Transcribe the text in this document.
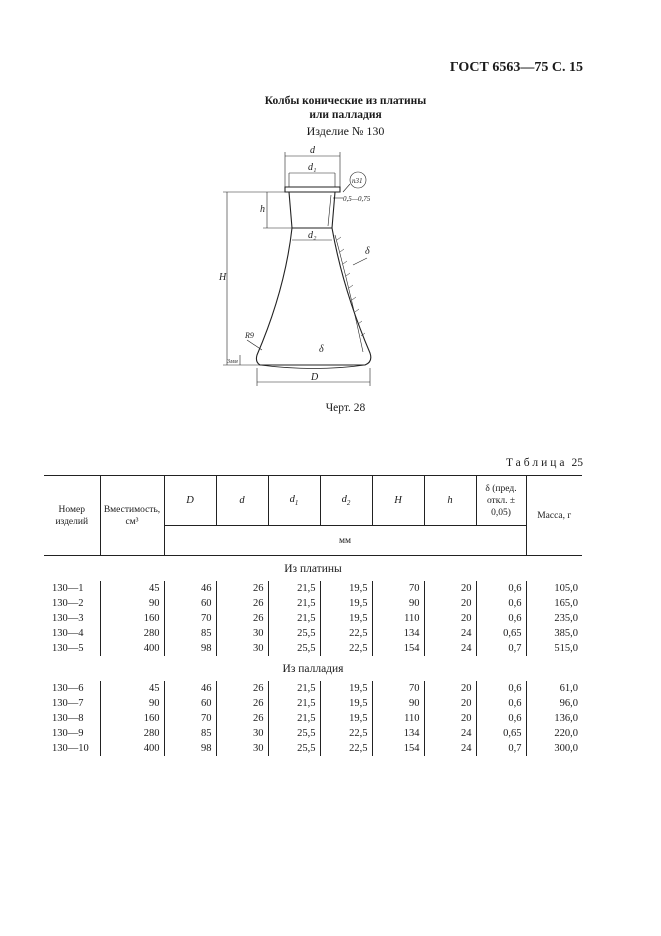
ГОСТ 6563—75 С. 15
Колбы конические из платины
или палладия
Изделие № 130
d
d₁
d₂
h
H
D
δ
δ
R9
n31
0,5—0,75
3мм
Черт. 28
Таблица 25
Номер изделий	Вместимость, см³	D	d	$d_1$	$d_2$	H	h	δ (пред. откл. ± 0,05)	Масса, г
		мм							
Из платины									
130—1	45	46	26	21,5	19,5	70	20	0,6	105,0
130—2	90	60	26	21,5	19,5	90	20	0,6	165,0
130—3	160	70	26	21,5	19,5	110	20	0,6	235,0
130—4	280	85	30	25,5	22,5	134	24	0,65	385,0
130—5	400	98	30	25,5	22,5	154	24	0,7	515,0
Из палладия									
130—6	45	46	26	21,5	19,5	70	20	0,6	61,0
130—7	90	60	26	21,5	19,5	90	20	0,6	96,0
130—8	160	70	26	21,5	19,5	110	20	0,6	136,0
130—9	280	85	30	25,5	22,5	134	24	0,65	220,0
130—10	400	98	30	25,5	22,5	154	24	0,7	300,0
